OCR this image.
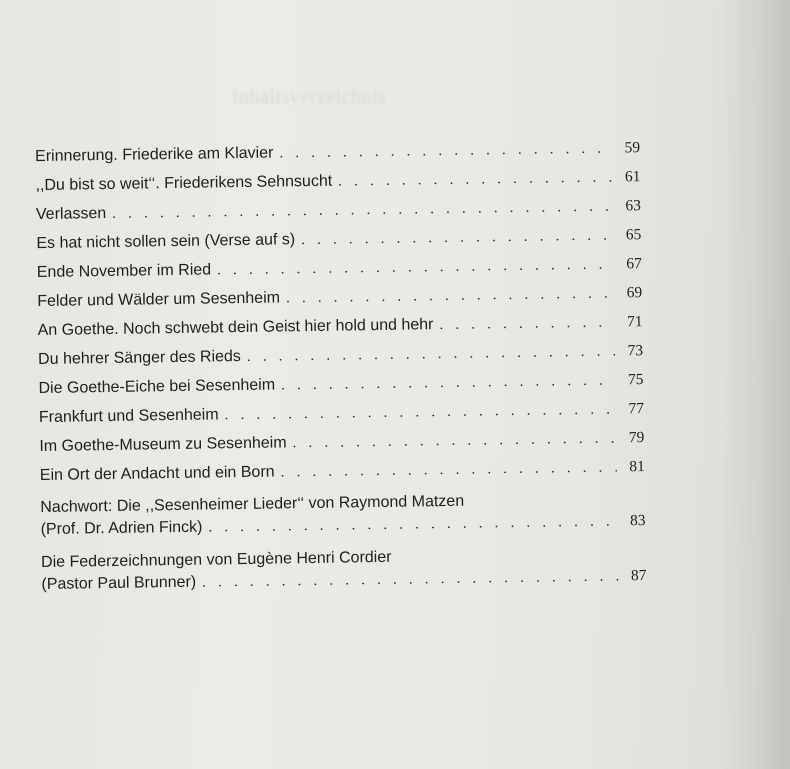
Inhaltsverzeichnis
Erinnerung. Friederike am Klavier . . .	59
,,Du bist so weit‘‘. Friederikens Sehnsucht . . .	61
Verlassen . . .	63
Es hat nicht sollen sein (Verse auf s) . . .	65
Ende November im Ried . . .	67
Felder und Wälder um Sesenheim . . .	69
An Goethe. Noch schwebt dein Geist hier hold und hehr . . .	71
Du hehrer Sänger des Rieds . . .	73
Die Goethe-Eiche bei Sesenheim . . .	75
Frankfurt und Sesenheim . . .	77
Im Goethe-Museum zu Sesenheim . . .	79
Ein Ort der Andacht und ein Born . . .	81
Nachwort: Die ,,Sesenheimer Lieder‘‘ von Raymond Matzen
(Prof. Dr. Adrien Finck) . . .	83
Die Federzeichnungen von Eugène Henri Cordier
(Pastor Paul Brunner) . . .	87
